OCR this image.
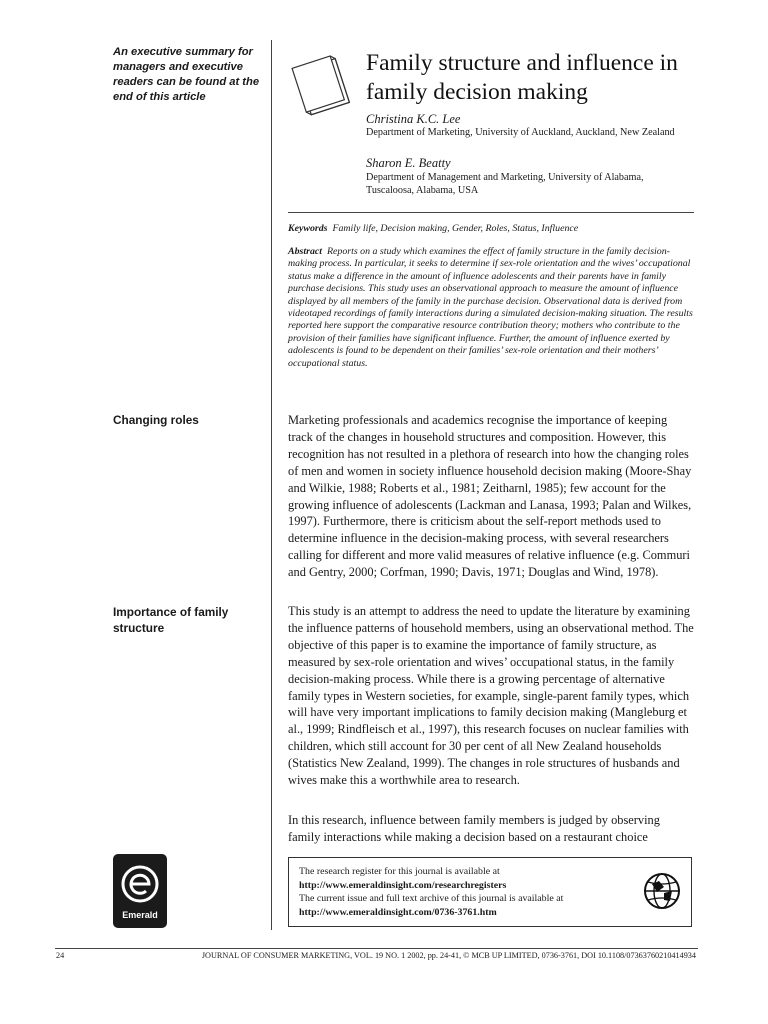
An executive summary for managers and executive readers can be found at the end of this article
Changing roles
Importance of family structure
Family structure and influence in family decision making
Christina K.C. Lee
Department of Marketing, University of Auckland, Auckland, New Zealand
Sharon E. Beatty
Department of Management and Marketing, University of Alabama, Tuscaloosa, Alabama, USA
Keywords Family life, Decision making, Gender, Roles, Status, Influence
Abstract Reports on a study which examines the effect of family structure in the family decision-making process. In particular, it seeks to determine if sex-role orientation and the wives’ occupational status make a difference in the amount of influence adolescents and their parents have in family purchase decisions. This study uses an observational approach to measure the amount of influence displayed by all members of the family in the purchase decision. Observational data is derived from videotaped recordings of family interactions during a simulated decision-making situation. The results reported here support the comparative resource contribution theory; mothers who contribute to the provision of their families have significant influence. Further, the amount of influence exerted by adolescents is found to be dependent on their families’ sex-role orientation and their mothers’ occupational status.
Marketing professionals and academics recognise the importance of keeping track of the changes in household structures and composition. However, this recognition has not resulted in a plethora of research into how the changing roles of men and women in society influence household decision making (Moore-Shay and Wilkie, 1988; Roberts et al., 1981; Zeitharnl, 1985); few account for the growing influence of adolescents (Lackman and Lanasa, 1993; Palan and Wilkes, 1997). Furthermore, there is criticism about the self-report methods used to determine influence in the decision-making process, with several researchers calling for different and more valid measures of relative influence (e.g. Commuri and Gentry, 2000; Corfman, 1990; Davis, 1971; Douglas and Wind, 1978).
This study is an attempt to address the need to update the literature by examining the influence patterns of household members, using an observational method. The objective of this paper is to examine the importance of family structure, as measured by sex-role orientation and wives’ occupational status, in the family decision-making process. While there is a growing percentage of alternative family types in Western societies, for example, single-parent family types, which will have very important implications to family decision making (Mangleburg et al., 1999; Rindfleisch et al., 1997), this research focuses on nuclear families with children, which still account for 30 per cent of all New Zealand households (Statistics New Zealand, 1999). The changes in role structures of husbands and wives make this a worthwhile area to research.
In this research, influence between family members is judged by observing family interactions while making a decision based on a restaurant choice
The research register for this journal is available at
http://www.emeraldinsight.com/researchregisters
The current issue and full text archive of this journal is available at
http://www.emeraldinsight.com/0736-3761.htm
Emerald
24	JOURNAL OF CONSUMER MARKETING, VOL. 19 NO. 1 2002, pp. 24-41, © MCB UP LIMITED, 0736-3761, DOI 10.1108/07363760210414934
